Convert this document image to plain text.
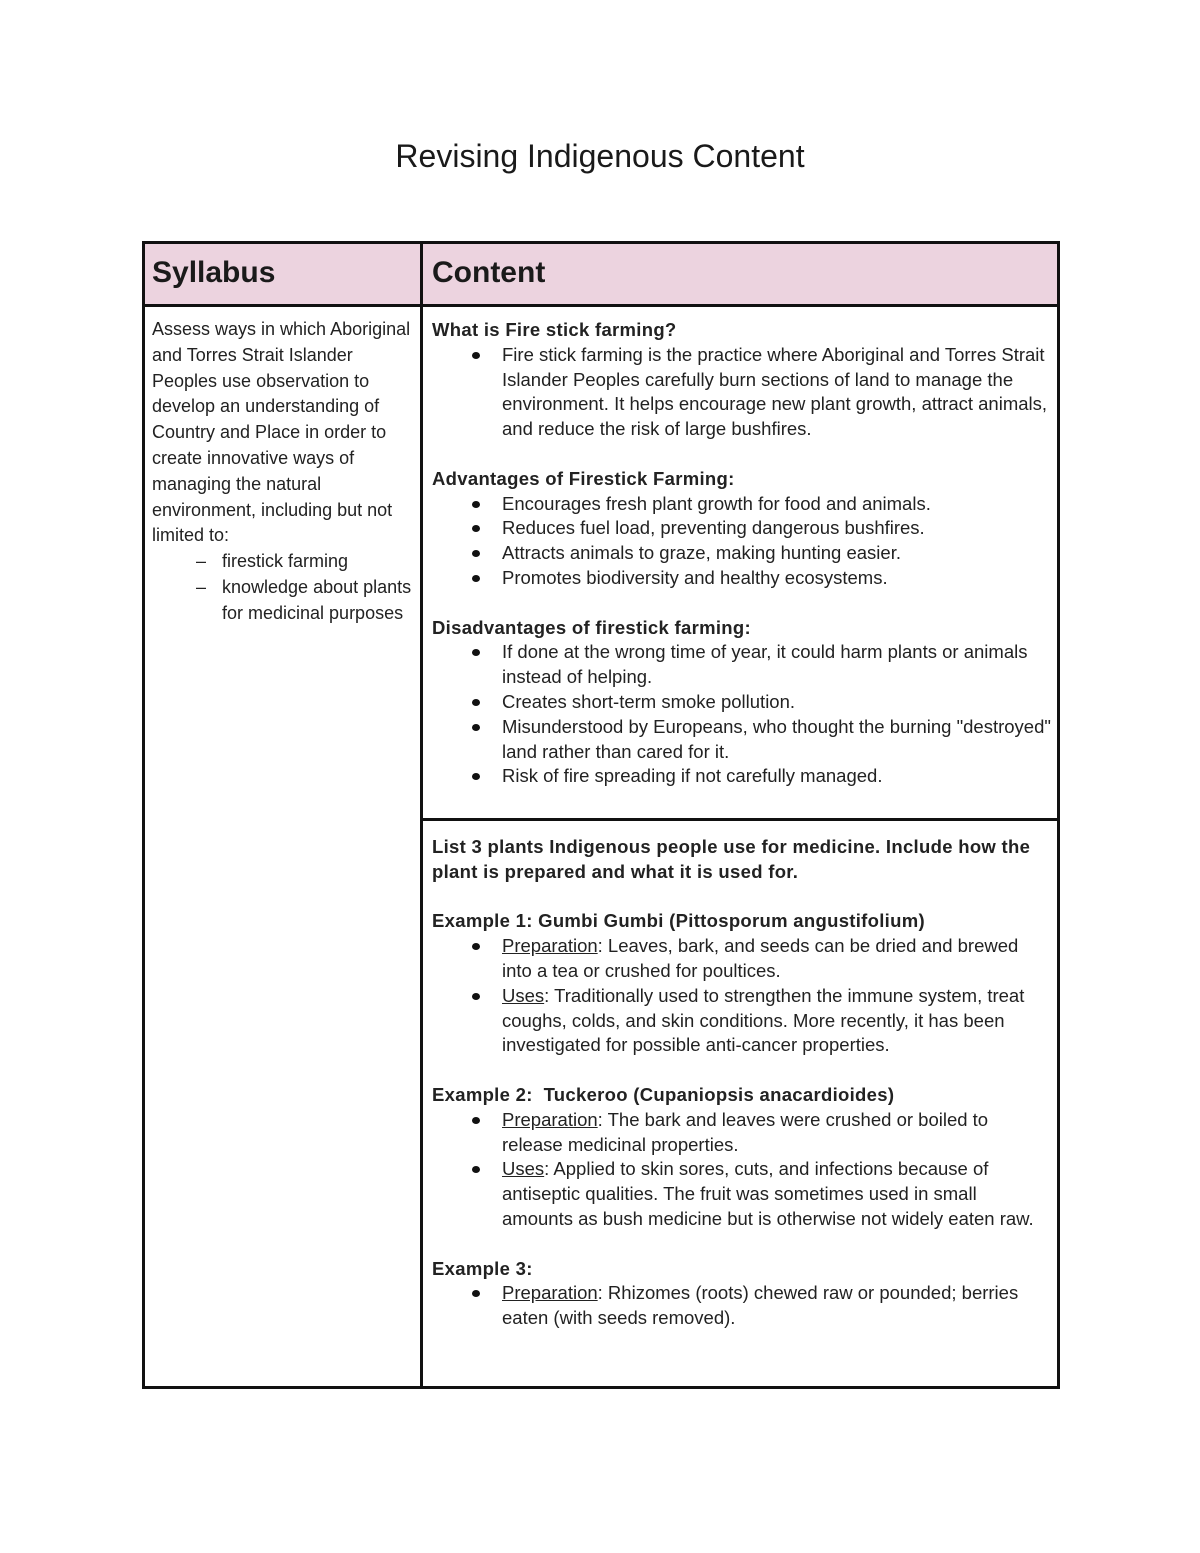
Revising Indigenous Content
Syllabus	Content
Assess ways in which Aboriginal and Torres Strait Islander Peoples use observation to develop an understanding of Country and Place in order to create innovative ways of managing the natural environment, including but not limited to:
– firestick farming
– knowledge about plants for medicinal purposes
What is Fire stick farming?
Fire stick farming is the practice where Aboriginal and Torres Strait Islander Peoples carefully burn sections of land to manage the environment. It helps encourage new plant growth, attract animals, and reduce the risk of large bushfires.
Advantages of Firestick Farming:
Encourages fresh plant growth for food and animals.
Reduces fuel load, preventing dangerous bushfires.
Attracts animals to graze, making hunting easier.
Promotes biodiversity and healthy ecosystems.
Disadvantages of firestick farming:
If done at the wrong time of year, it could harm plants or animals instead of helping.
Creates short-term smoke pollution.
Misunderstood by Europeans, who thought the burning "destroyed" land rather than cared for it.
Risk of fire spreading if not carefully managed.
List 3 plants Indigenous people use for medicine. Include how the plant is prepared and what it is used for.
Example 1: Gumbi Gumbi (Pittosporum angustifolium)
Preparation: Leaves, bark, and seeds can be dried and brewed into a tea or crushed for poultices.
Uses: Traditionally used to strengthen the immune system, treat coughs, colds, and skin conditions. More recently, it has been investigated for possible anti-cancer properties.
Example 2:  Tuckeroo (Cupaniopsis anacardioides)
Preparation: The bark and leaves were crushed or boiled to release medicinal properties.
Uses: Applied to skin sores, cuts, and infections because of antiseptic qualities. The fruit was sometimes used in small amounts as bush medicine but is otherwise not widely eaten raw.
Example 3:
Preparation: Rhizomes (roots) chewed raw or pounded; berries eaten (with seeds removed).
